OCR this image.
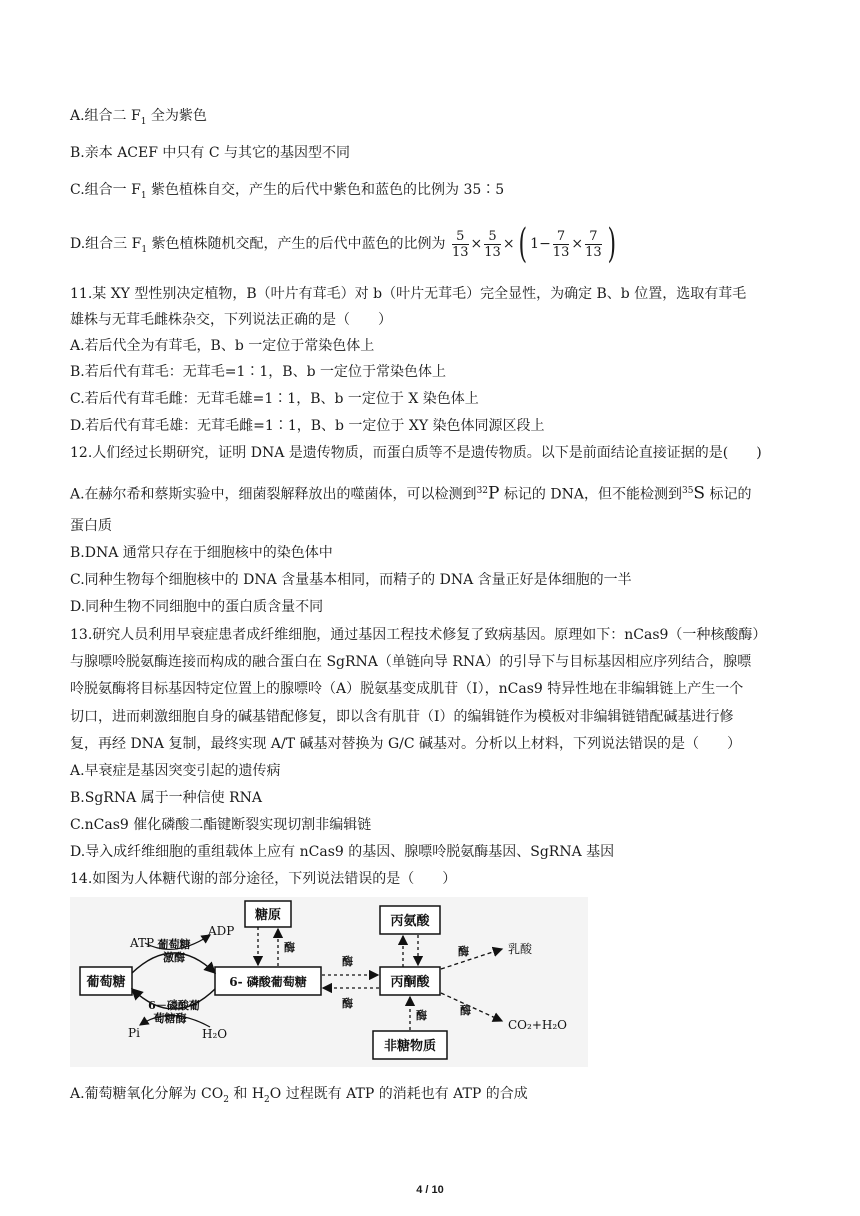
A.组合二 $F_1$ 全为紫色
B.亲本 ACEF 中只有 C 与其它的基因型不同
C.组合一 $F_1$ 紫色植株自交，产生的后代中紫色和蓝色的比例为 35∶5
D.组合三 $F_1$ 紫色植株随机交配，产生的后代中蓝色的比例为 $\frac{5}{13} \times \frac{5}{13}$ ×( $1- \frac{7}{13} \times \frac{7}{13}$ )
11.某 XY 型性别决定植物，B（叶片有茸毛）对 b（叶片无茸毛）完全显性，为确定 B、b 位置，选取有茸毛
雄株与无茸毛雌株杂交，下列说法正确的是（　　）
A.若后代全为有茸毛，B、b 一定位于常染色体上
B.若后代有茸毛：无茸毛=1∶1，B、b 一定位于常染色体上
C.若后代有茸毛雌：无茸毛雄=1∶1，B、b 一定位于 X 染色体上
D.若后代有茸毛雄：无茸毛雌=1∶1，B、b 一定位于 XY 染色体同源区段上
12.人们经过长期研究，证明 DNA 是遗传物质，而蛋白质等不是遗传物质。以下是前面结论直接证据的是(　　)
A.在赫尔希和蔡斯实验中，细菌裂解释放出的噬菌体，可以检测到$^{32}$P 标记的 DNA，但不能检测到$^{35}$S 标记的
蛋白质
B.DNA 通常只存在于细胞核中的染色体中
C.同种生物每个细胞核中的 DNA 含量基本相同，而精子的 DNA 含量正好是体细胞的一半
D.同种生物不同细胞中的蛋白质含量不同
13.研究人员利用早衰症患者成纤维细胞，通过基因工程技术修复了致病基因。原理如下：nCas9（一种核酸酶）
与腺嘌呤脱氨酶连接而构成的融合蛋白在 SgRNA（单链向导 RNA）的引导下与目标基因相应序列结合，腺嘌
呤脱氨酶将目标基因特定位置上的腺嘌呤（A）脱氨基变成肌苷（Ⅰ），nCas9 特异性地在非编辑链上产生一个
切口，进而刺激细胞自身的碱基错配修复，即以含有肌苷（Ⅰ）的编辑链作为模板对非编辑链错配碱基进行修
复，再经 DNA 复制，最终实现 A/T 碱基对替换为 G/C 碱基对。分析以上材料，下列说法错误的是（　　）
A.早衰症是基因突变引起的遗传病
B.SgRNA 属于一种信使 RNA
C.nCas9 催化磷酸二酯键断裂实现切割非编辑链
D.导入成纤维细胞的重组载体上应有 nCas9 的基因、腺嘌呤脱氨酶基因、SgRNA 基因
14.如图为人体糖代谢的部分途径，下列说法错误的是（　　）
糖原
葡萄糖	6- 磷酸葡萄糖	丙酮酸
丙氨酸
非糖物质
ATP
ADP
葡萄糖
激酶
6－磷酸葡
萄糖酶
Pi	H₂O
酶
酶
酶
酶	乳酸
酶
CO₂+H₂O
酶
A.葡萄糖氧化分解为 $CO_2$ 和 $H_2O$ 过程既有 ATP 的消耗也有 ATP 的合成
4 / 10
